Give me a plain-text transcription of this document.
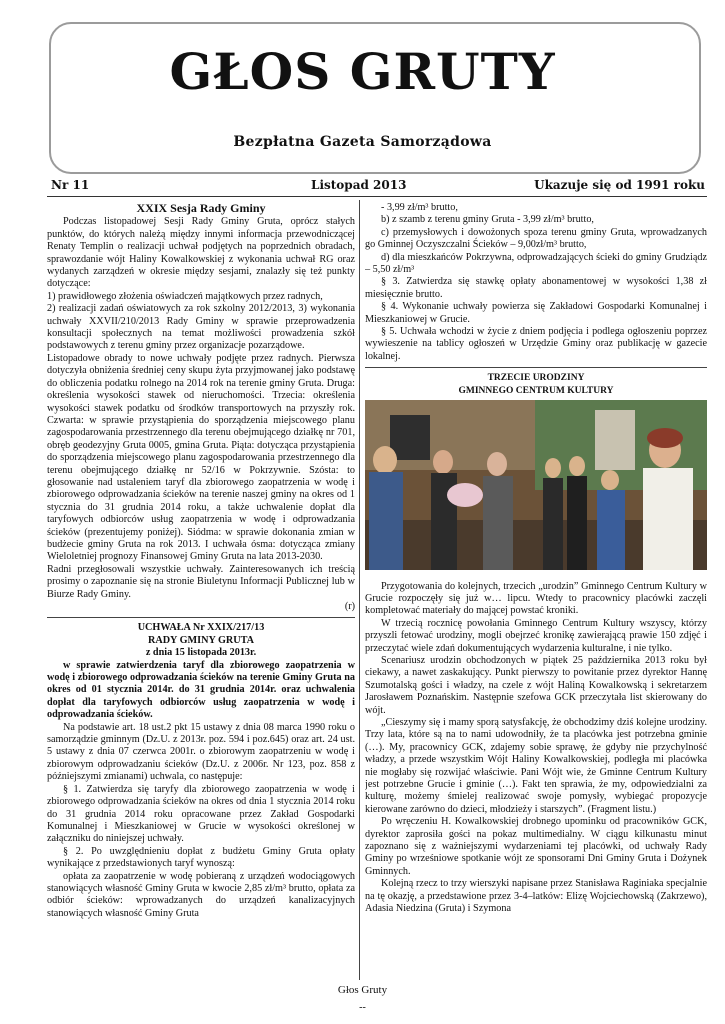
GŁOS GRUTY
Bezpłatna Gazeta Samorządowa
Nr 11	Listopad 2013	Ukazuje się od 1991 roku

XXIX Sesja Rady Gminy

Podczas listopadowej Sesji Rady Gminy Gruta, oprócz stałych punktów, do których należą między innymi informacja przewodniczącej Renaty Templin o realizacji uchwał podjętych na poprzednich obradach, sprawozdanie wójt Haliny Kowalkowskiej z wykonania uchwał RG oraz wydanych zarządzeń w okresie między sesjami, znalazły się też punkty dotyczące:

1) prawidłowego złożenia oświadczeń majątkowych przez radnych,

2) realizacji zadań oświatowych za rok szkolny 2012/2013, 3) wykonania uchwały XXVII/210/2013 Rady Gminy w sprawie przeprowadzenia konsultacji społecznych na temat możliwości prowadzenia szkół podstawowych z terenu gminy przez organizacje pozarządowe.

Listopadowe obrady to nowe uchwały podjęte przez radnych. Pierwsza dotyczyła obniżenia średniej ceny skupu żyta przyjmowanej jako podstawę do obliczenia podatku rolnego na 2014 rok na terenie gminy Gruta. Druga: określenia wysokości stawek od nieruchomości. Trzecia: określenia wysokości stawek podatku od środków transportowych na przyszły rok. Czwarta: w sprawie przystąpienia do sporządzenia miejscowego planu zagospodarowania przestrzennego dla terenu obejmującego działkę nr 701, obręb geodezyjny Gruta 0005, gmina Gruta. Piąta: dotycząca przystąpienia do sporządzenia miejscowego planu zagospodarowania przestrzennego dla terenu obejmującego działkę nr 52/16 w Pokrzywnie. Szósta: to głosowanie nad ustaleniem taryf dla zbiorowego zaopatrzenia w wodę i zbiorowego odprowadzania ścieków na terenie naszej gminy na okres od 1 stycznia do 31 grudnia 2014 roku, a także uchwalenie dopłat dla taryfowych odbiorców usług zaopatrzenia w wodę i odprowadzania ścieków (prezentujemy poniżej). Siódma: w sprawie dokonania zmian w budżecie gminy Gruta na rok 2013. I uchwała ósma: dotycząca zmiany Wieloletniej prognozy Finansowej Gminy Gruta na lata 2013-2030.

Radni przegłosowali wszystkie uchwały. Zainteresowanych ich treścią prosimy o zapoznanie się na stronie Biuletynu Informacji Publicznej lub w Biurze Rady Gminy.

(r)

UCHWAŁA Nr XXIX/217/13

RADY GMINY GRUTA

z dnia 15 listopada 2013r.

w sprawie zatwierdzenia taryf dla zbiorowego zaopatrzenia w wodę i zbiorowego odprowadzania ścieków na terenie Gminy Gruta na okres od 01 stycznia 2014r. do 31 grudnia 2014r. oraz uchwalenia dopłat dla taryfowych odbiorców usług zaopatrzenia w wodę i odprowadzania ścieków.

Na podstawie art. 18 ust.2 pkt 15 ustawy z dnia 08 marca 1990 roku o samorządzie gminnym (Dz.U. z 2013r. poz. 594 i poz.645) oraz art. 24 ust. 5 ustawy z dnia 07 czerwca 2001r. o zbiorowym zaopatrzeniu w wodę i zbiorowym odprowadzaniu ścieków (Dz.U. z 2006r. Nr 123, poz. 858 z późniejszymi zmianami) uchwala, co następuje:

§ 1. Zatwierdza się taryfy dla zbiorowego zaopatrzenia w wodę i zbiorowego odprowadzania ścieków na okres od dnia 1 stycznia 2014 roku do 31 grudnia 2014 roku opracowane przez Zakład Gospodarki Komunalnej i Mieszkaniowej w Grucie w wysokości określonej w załączniku do niniejszej uchwały.

§ 2. Po uwzględnieniu dopłat z budżetu Gminy Gruta opłaty wynikające z przedstawionych taryf wynoszą:

opłata za zaopatrzenie w wodę pobieraną z urządzeń wodociągowych stanowiących własność Gminy Gruta w kwocie 2,85 zł/m³ brutto, opłata za odbiór ścieków: wprowadzanych do urządzeń kanalizacyjnych stanowiących własność Gminy Gruta

- 3,99 zł/m³ brutto,

b) z szamb z terenu gminy Gruta - 3,99 zł/m³ brutto,

c) przemysłowych i dowożonych spoza terenu gminy Gruta, wprowadzanych go Gminnej Oczyszczalni Ścieków – 9,00zł/m³ brutto,

d) dla mieszkańców Pokrzywna, odprowadzających ścieki do gminy Grudziądz – 5,50 zł/m³

§ 3. Zatwierdza się stawkę opłaty abonamentowej w wysokości 1,38 zł miesięcznie brutto.

§ 4. Wykonanie uchwały powierza się Zakładowi Gospodarki Komunalnej i Mieszkaniowej w Grucie.

§ 5. Uchwała wchodzi w życie z dniem podjęcia i podlega ogłoszeniu poprzez wywieszenie na tablicy ogłoszeń w Urzędzie Gminy oraz publikację w gazecie lokalnej.

TRZECIE URODZINY

GMINNEGO CENTRUM KULTURY

Przygotowania do kolejnych, trzecich „urodzin” Gminnego Centrum Kultury w Grucie rozpoczęły się już w… lipcu. Wtedy to pracownicy placówki zaczęli kompletować materiały do mającej powstać kroniki.

W trzecią rocznicę powołania Gminnego Centrum Kultury wszyscy, którzy przyszli fetować urodziny, mogli obejrzeć kronikę zawierającą prawie 150 zdjęć i przeczytać wiele zdań dokumentujących wydarzenia kulturalne, i nie tylko.

Scenariusz urodzin obchodzonych w piątek 25 października 2013 roku był ciekawy, a nawet zaskakujący. Punkt pierwszy to powitanie przez dyrektor Hannę Szumotalską gości i władzy, na czele z wójt Haliną Kowalkowską i sekretarzem Jarosławem Poznańskim. Następnie szefowa GCK przeczytała list skierowany do wójt.

„Cieszymy się i mamy sporą satysfakcję, że obchodzimy dziś kolejne urodziny. Trzy lata, które są na to nami udowodniły, że ta placówka jest potrzebna gminie (…). My, pracownicy GCK, zdajemy sobie sprawę, że gdyby nie przychylność władzy, a przede wszystkim Wójt Haliny Kowalkowskiej, podległa mi placówka nie mogłaby się rozwijać właściwie. Pani Wójt wie, że Gminne Centrum Kultury jest potrzebne Grucie i gminie (…). Fakt ten sprawia, że my, odpowiedzialni za kulturę, możemy śmielej realizować swoje pomysły, wybiegać propozycje kierowane zarówno do dzieci, młodzieży i starszych”. (Fragment listu.)

Po wręczeniu H. Kowalkowskiej drobnego upominku od pracowników GCK, dyrektor zaprosiła gości na pokaz multimedialny. W ciągu kilkunastu minut zapoznano się z ważniejszymi wydarzeniami tej placówki, od uchwały Rady Gminy po wrześniowe spotkanie wójt ze sponsorami Dni Gminy Gruta i Dożynek Gminnych.

Kolejną rzecz to trzy wierszyki napisane przez Stanisława Raginiaka specjalnie na tę okazję, a przedstawione przez 3-4–latków: Elizę Wojciechowską (Zakrzewo), Adasia Niedzina (Gruta) i Szymona

Głos Gruty
--
